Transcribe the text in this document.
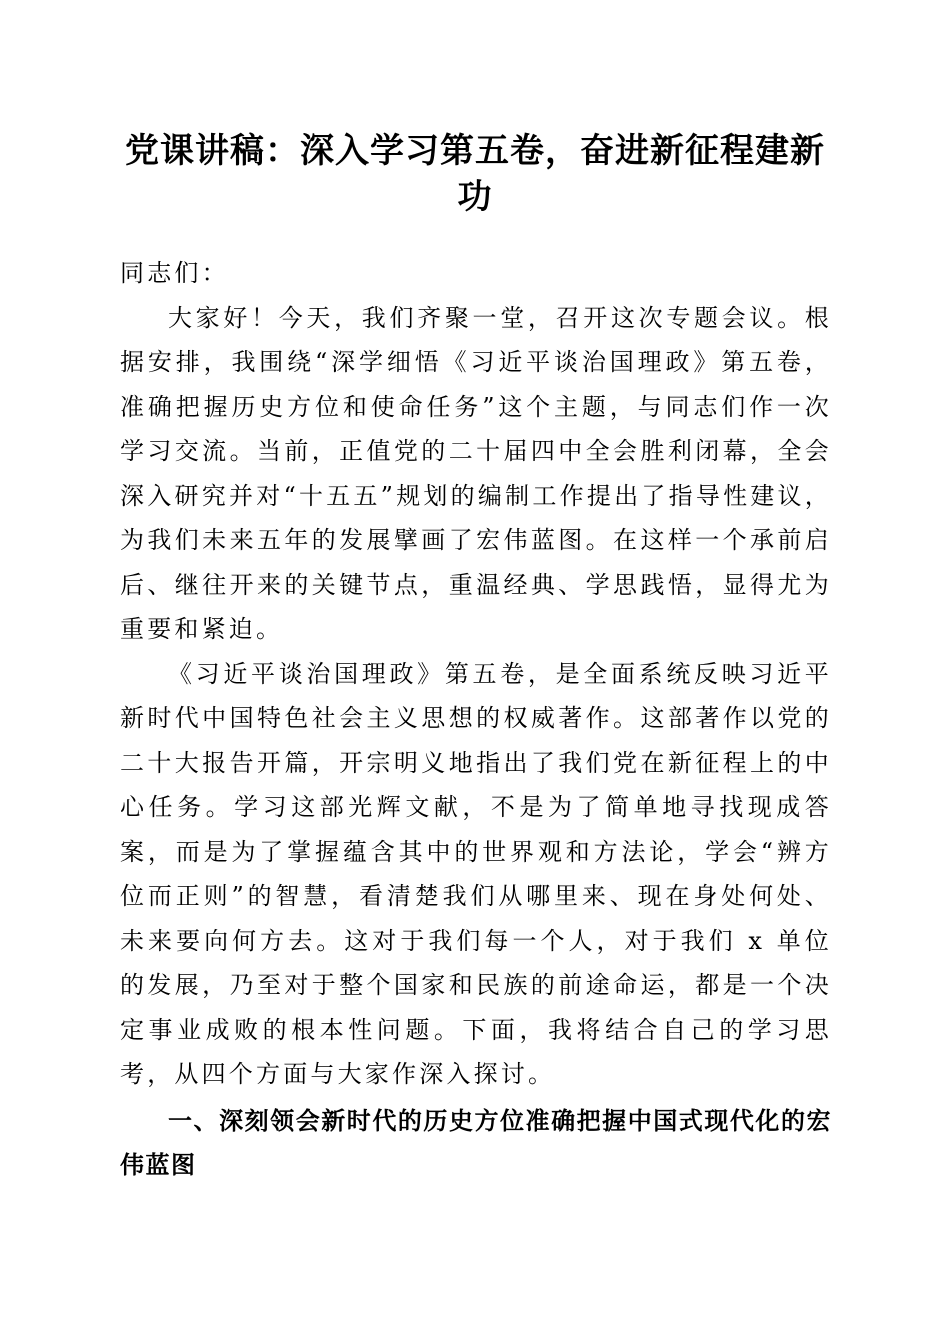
党课讲稿：深入学习第五卷，奋进新征程建新功

同志们：

大家好！今天，我们齐聚一堂，召开这次专题会议。根据安排，我围绕“深学细悟《习近平谈治国理政》第五卷，准确把握历史方位和使命任务”这个主题，与同志们作一次学习交流。当前，正值党的二十届四中全会胜利闭幕，全会深入研究并对“十五五”规划的编制工作提出了指导性建议，为我们未来五年的发展擘画了宏伟蓝图。在这样一个承前启后、继往开来的关键节点，重温经典、学思践悟，显得尤为重要和紧迫。

《习近平谈治国理政》第五卷，是全面系统反映习近平新时代中国特色社会主义思想的权威著作。这部著作以党的二十大报告开篇，开宗明义地指出了我们党在新征程上的中心任务。学习这部光辉文献，不是为了简单地寻找现成答案，而是为了掌握蕴含其中的世界观和方法论，学会“辨方位而正则”的智慧，看清楚我们从哪里来、现在身处何处、未来要向何方去。这对于我们每一个人，对于我们 x 单位的发展，乃至对于整个国家和民族的前途命运，都是一个决定事业成败的根本性问题。下面，我将结合自己的学习思考，从四个方面与大家作深入探讨。

一、深刻领会新时代的历史方位准确把握中国式现代化的宏伟蓝图
